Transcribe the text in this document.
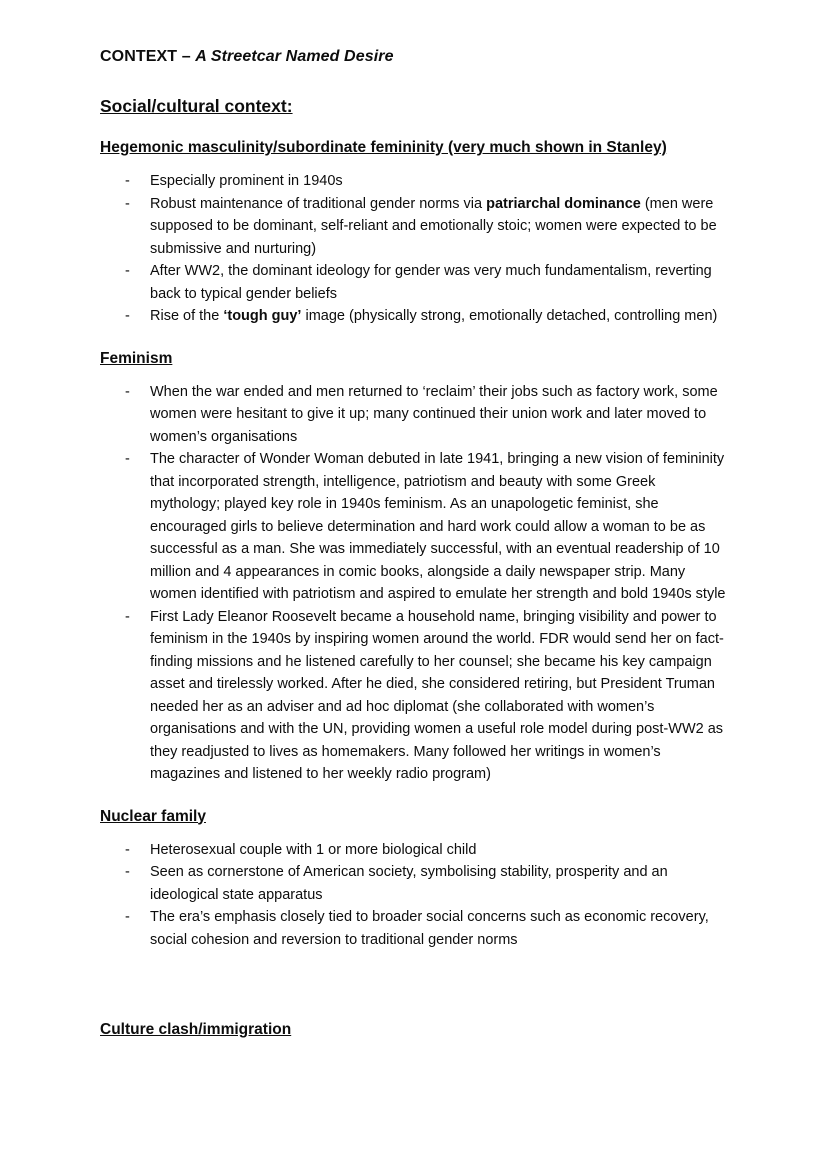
CONTEXT – A Streetcar Named Desire
Social/cultural context:
Hegemonic masculinity/subordinate femininity (very much shown in Stanley)
-	Especially prominent in 1940s
-	Robust maintenance of traditional gender norms via patriarchal dominance (men were supposed to be dominant, self-reliant and emotionally stoic; women were expected to be submissive and nurturing)
-	After WW2, the dominant ideology for gender was very much fundamentalism, reverting back to typical gender beliefs
-	Rise of the ‘tough guy’ image (physically strong, emotionally detached, controlling men)
Feminism
-	When the war ended and men returned to ‘reclaim’ their jobs such as factory work, some women were hesitant to give it up; many continued their union work and later moved to women’s organisations
-	The character of Wonder Woman debuted in late 1941, bringing a new vision of femininity that incorporated strength, intelligence, patriotism and beauty with some Greek mythology; played key role in 1940s feminism. As an unapologetic feminist, she encouraged girls to believe determination and hard work could allow a woman to be as successful as a man. She was immediately successful, with an eventual readership of 10 million and 4 appearances in comic books, alongside a daily newspaper strip. Many women identified with patriotism and aspired to emulate her strength and bold 1940s style
-	First Lady Eleanor Roosevelt became a household name, bringing visibility and power to feminism in the 1940s by inspiring women around the world. FDR would send her on fact-finding missions and he listened carefully to her counsel; she became his key campaign asset and tirelessly worked. After he died, she considered retiring, but President Truman needed her as an adviser and ad hoc diplomat (she collaborated with women’s organisations and with the UN, providing women a useful role model during post-WW2 as they readjusted to lives as homemakers. Many followed her writings in women’s magazines and listened to her weekly radio program)
Nuclear family
-	Heterosexual couple with 1 or more biological child
-	Seen as cornerstone of American society, symbolising stability, prosperity and an ideological state apparatus
-	The era’s emphasis closely tied to broader social concerns such as economic recovery, social cohesion and reversion to traditional gender norms
Culture clash/immigration
